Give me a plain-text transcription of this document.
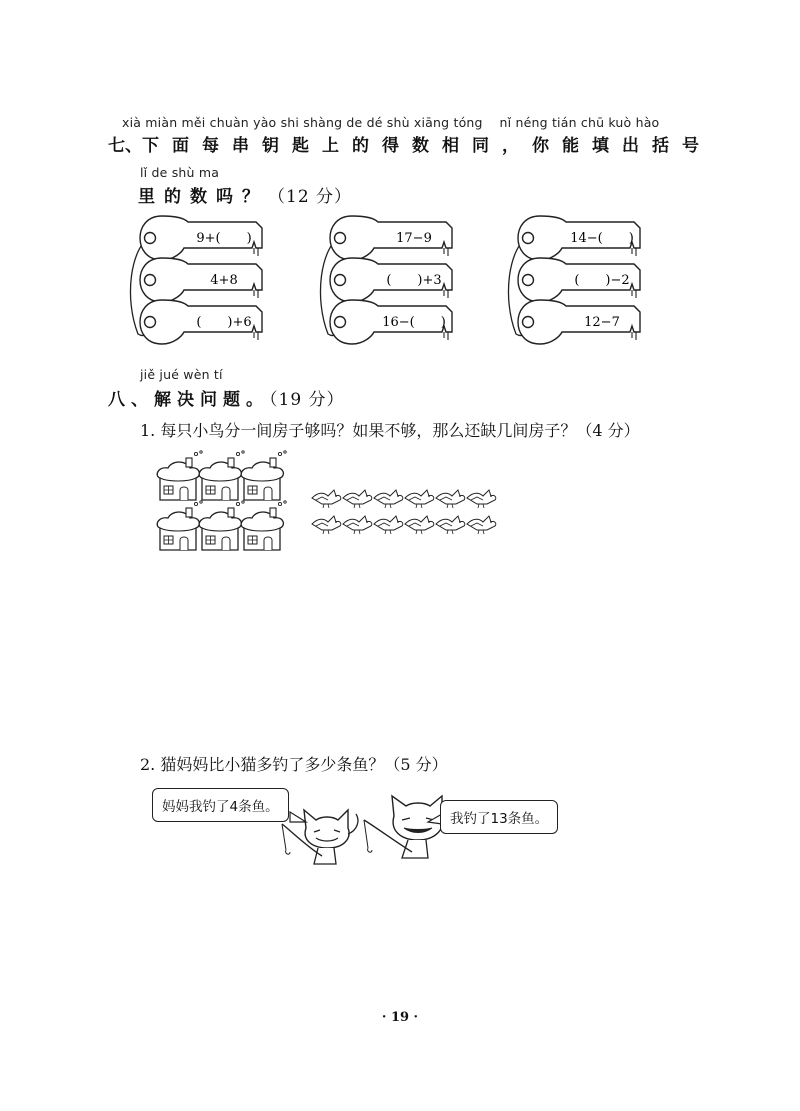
xià miàn měi chuàn yào shi shàng de dé shù xiāng tóng　 nǐ néng tián chū kuò hào
七、下面每串钥匙上的得数相同，你能填出括号
lǐ de shù ma
里的数吗？（12 分）
9+(　　)
4+8
(　　)+6
17−9
(　　)+3
16−(　　)
14−(　　)
(　　)−2
12−7
jiě jué wèn tí
八、解决问题。（19 分）
1. 每只小鸟分一间房子够吗？如果不够，那么还缺几间房子？（4 分）
2. 猫妈妈比小猫多钓了多少条鱼？（5 分）
妈妈我钓了4条鱼。
我钓了13条鱼。
· 19 ·
